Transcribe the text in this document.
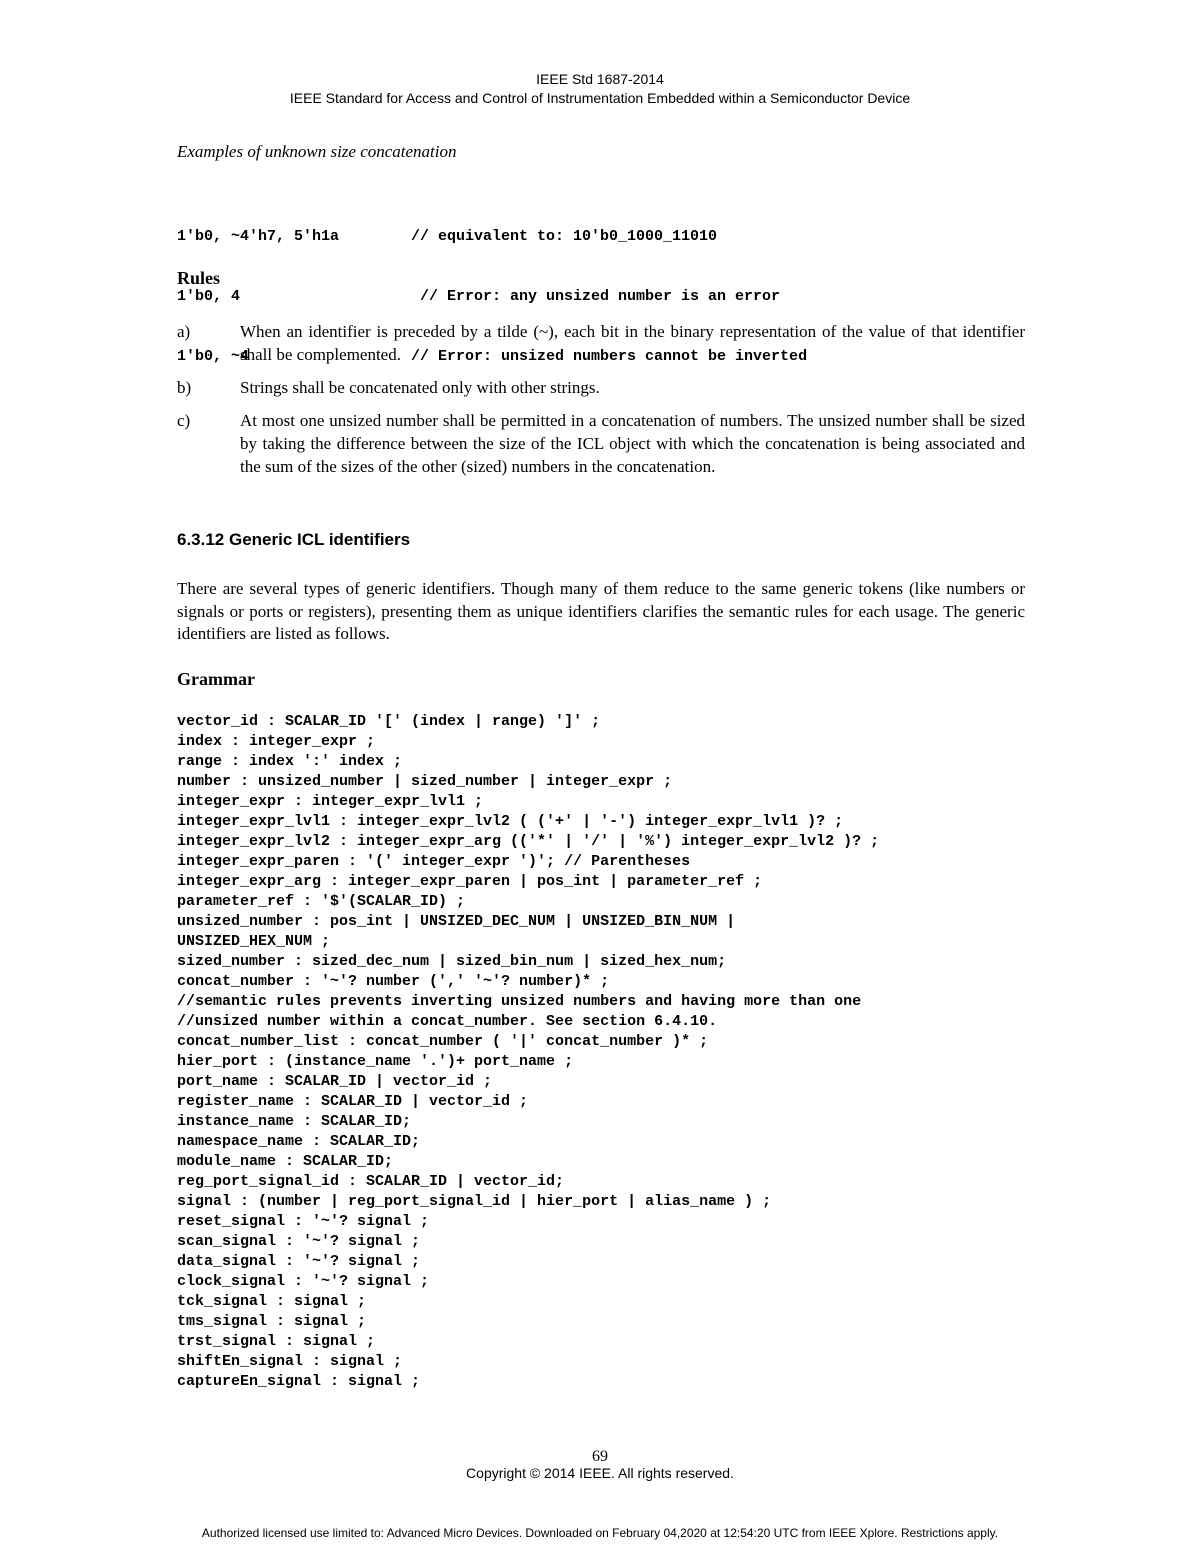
IEEE Std 1687-2014
IEEE Standard for Access and Control of Instrumentation Embedded within a Semiconductor Device
Examples of unknown size concatenation

1'b0, ~4'h7, 5'h1a	// equivalent to: 10'b0_1000_11010

1'b0, 4	// Error: any unsized number is an error

1'b0, ~4	// Error: unsized numbers cannot be inverted

Rules
a)	When an identifier is preceded by a tilde (~), each bit in the binary representation of the value of that identifier shall be complemented.
b)	Strings shall be concatenated only with other strings.
c)	At most one unsized number shall be permitted in a concatenation of numbers. The unsized number shall be sized by taking the difference between the size of the ICL object with which the concatenation is being associated and the sum of the sizes of the other (sized) numbers in the concatenation.
6.3.12 Generic ICL identifiers
There are several types of generic identifiers. Though many of them reduce to the same generic tokens (like numbers or signals or ports or registers), presenting them as unique identifiers clarifies the semantic rules for each usage. The generic identifiers are listed as follows.
Grammar
vector_id : SCALAR_ID '[' (index | range) ']' ;
index : integer_expr ;
range : index ':' index ;
number : unsized_number | sized_number | integer_expr ;
integer_expr : integer_expr_lvl1 ;
integer_expr_lvl1 : integer_expr_lvl2 ( ('+' | '-') integer_expr_lvl1 )? ;
integer_expr_lvl2 : integer_expr_arg (('*' | '/' | '%') integer_expr_lvl2 )? ;
integer_expr_paren : '(' integer_expr ')'; // Parentheses
integer_expr_arg : integer_expr_paren | pos_int | parameter_ref ;
parameter_ref : '$'(SCALAR_ID) ;
unsized_number : pos_int | UNSIZED_DEC_NUM | UNSIZED_BIN_NUM |
UNSIZED_HEX_NUM ;
sized_number : sized_dec_num | sized_bin_num | sized_hex_num;
concat_number : '~'? number (',' '~'? number)* ;
//semantic rules prevents inverting unsized numbers and having more than one
//unsized number within a concat_number. See section 6.4.10.
concat_number_list : concat_number ( '|' concat_number )* ;
hier_port : (instance_name '.')+ port_name ;
port_name : SCALAR_ID | vector_id ;
register_name : SCALAR_ID | vector_id ;
instance_name : SCALAR_ID;
namespace_name : SCALAR_ID;
module_name : SCALAR_ID;
reg_port_signal_id : SCALAR_ID | vector_id;
signal : (number | reg_port_signal_id | hier_port | alias_name ) ;
reset_signal : '~'? signal ;
scan_signal : '~'? signal ;
data_signal : '~'? signal ;
clock_signal : '~'? signal ;
tck_signal : signal ;
tms_signal : signal ;
trst_signal : signal ;
shiftEn_signal : signal ;
captureEn_signal : signal ;
69
Copyright © 2014 IEEE. All rights reserved.
Authorized licensed use limited to: Advanced Micro Devices. Downloaded on February 04,2020 at 12:54:20 UTC from IEEE Xplore. Restrictions apply.
